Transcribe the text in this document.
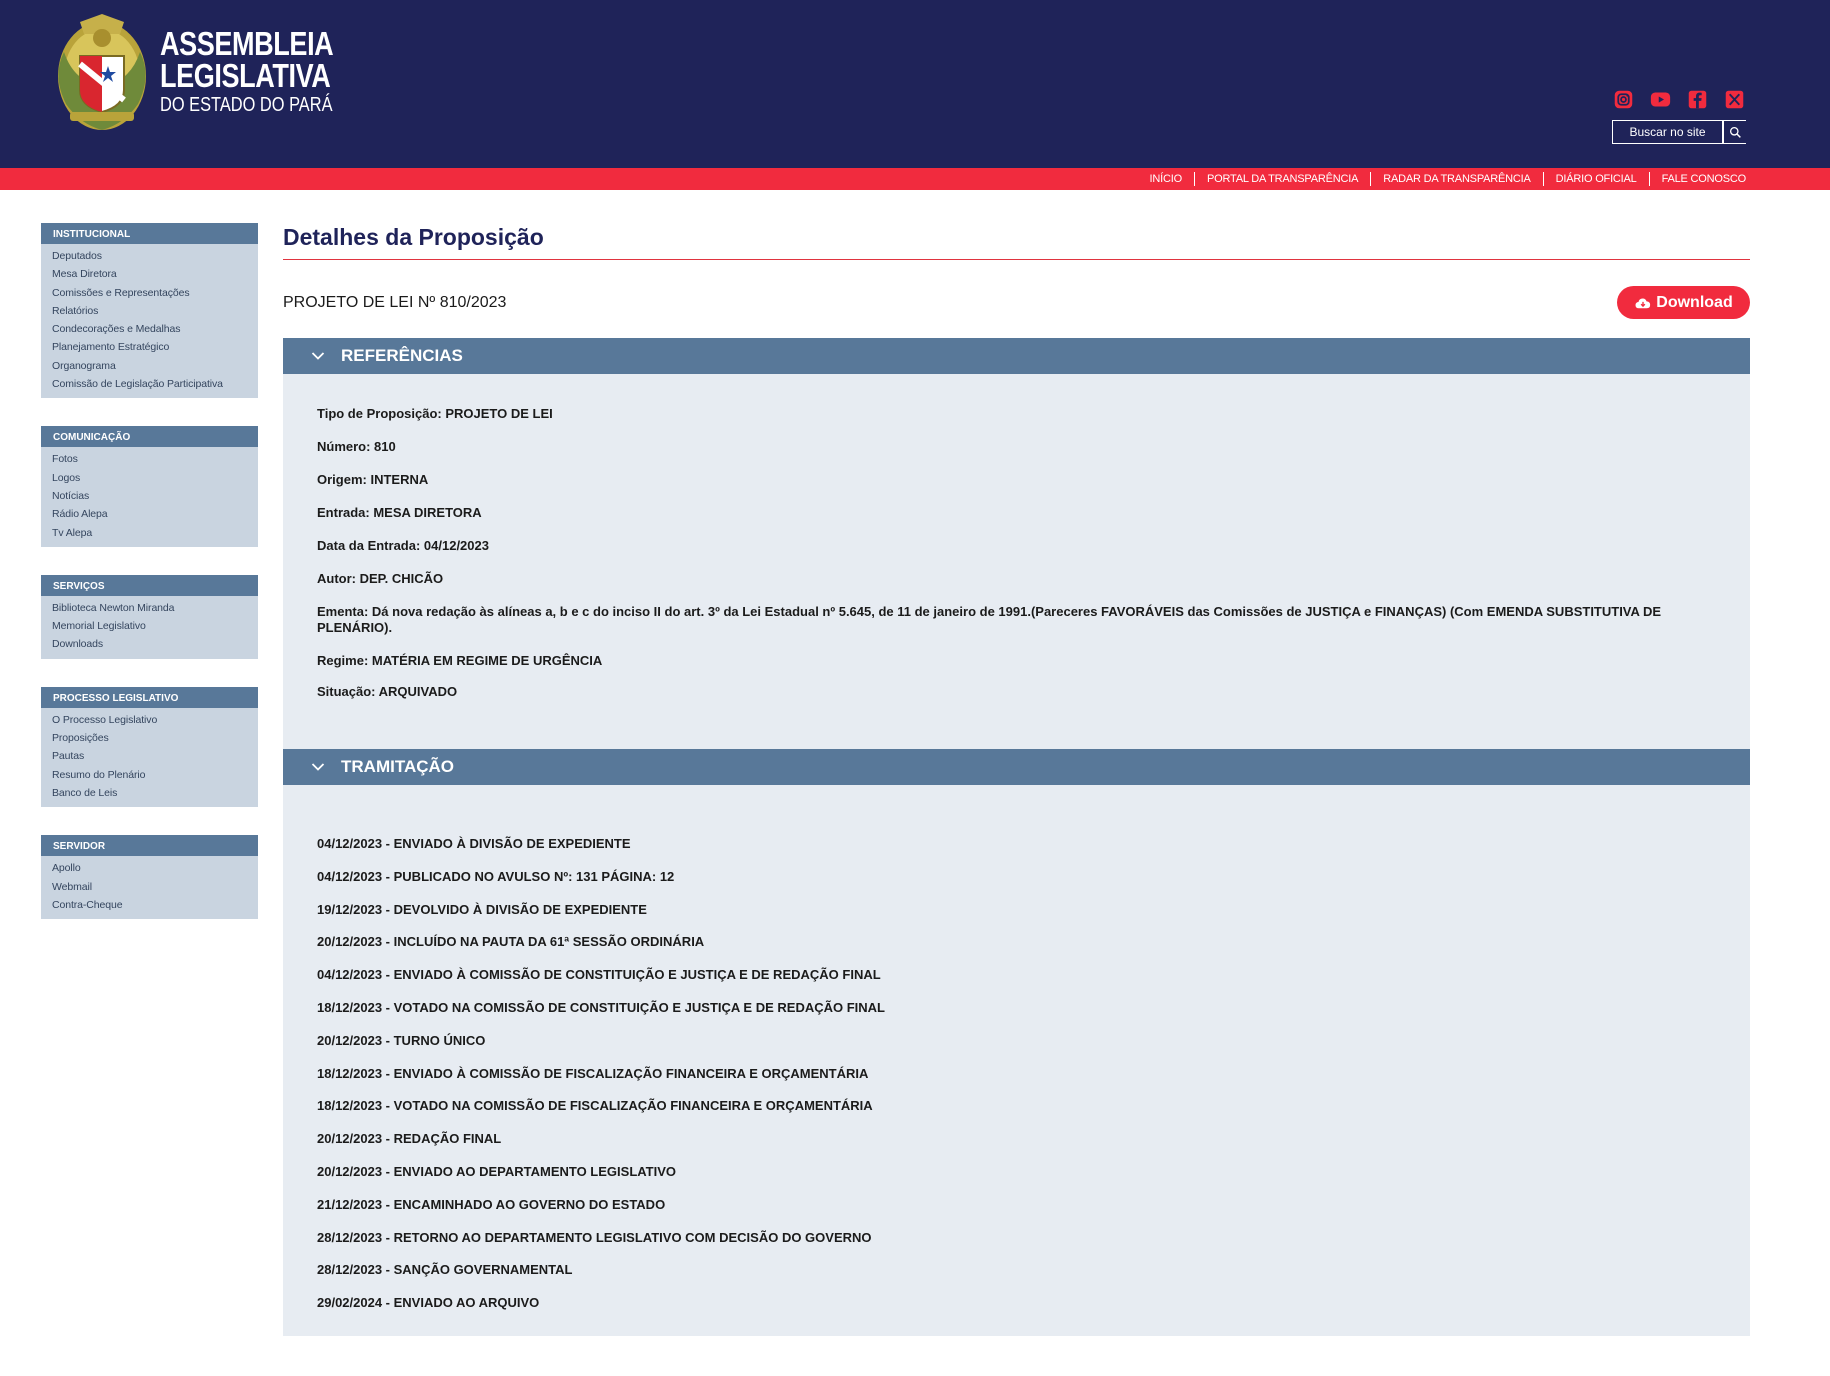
ASSEMBLEIA
LEGISLATIVA
DO ESTADO DO PARÁ
Buscar no site
INÍCIO	PORTAL DA TRANSPARÊNCIA	RADAR DA TRANSPARÊNCIA	DIÁRIO OFICIAL	FALE CONOSCO
INSTITUCIONAL
Deputados
Mesa Diretora
Comissões e Representações
Relatórios
Condecorações e Medalhas
Planejamento Estratégico
Organograma
Comissão de Legislação Participativa
COMUNICAÇÃO
Fotos
Logos
Notícias
Rádio Alepa
Tv Alepa
SERVIÇOS
Biblioteca Newton Miranda
Memorial Legislativo
Downloads
PROCESSO LEGISLATIVO
O Processo Legislativo
Proposições
Pautas
Resumo do Plenário
Banco de Leis
SERVIDOR
Apollo
Webmail
Contra-Cheque
Detalhes da Proposição
PROJETO DE LEI Nº 810/2023	Download
REFERÊNCIAS
Tipo de Proposição: PROJETO DE LEI
Número: 810
Origem: INTERNA
Entrada: MESA DIRETORA
Data da Entrada: 04/12/2023
Autor: DEP. CHICÃO
Ementa: Dá nova redação às alíneas a, b e c do inciso II do art. 3º da Lei Estadual nº 5.645, de 11 de janeiro de 1991.(Pareceres FAVORÁVEIS das Comissões de JUSTIÇA e FINANÇAS) (Com EMENDA SUBSTITUTIVA DE PLENÁRIO).
Regime: MATÉRIA EM REGIME DE URGÊNCIA
Situação: ARQUIVADO
TRAMITAÇÃO
04/12/2023 - ENVIADO À DIVISÃO DE EXPEDIENTE
04/12/2023 - PUBLICADO NO AVULSO Nº: 131 PÁGINA: 12
19/12/2023 - DEVOLVIDO À DIVISÃO DE EXPEDIENTE
20/12/2023 - INCLUÍDO NA PAUTA DA 61ª SESSÃO ORDINÁRIA
04/12/2023 - ENVIADO À COMISSÃO DE CONSTITUIÇÃO E JUSTIÇA E DE REDAÇÃO FINAL
18/12/2023 - VOTADO NA COMISSÃO DE CONSTITUIÇÃO E JUSTIÇA E DE REDAÇÃO FINAL
20/12/2023 - TURNO ÚNICO
18/12/2023 - ENVIADO À COMISSÃO DE FISCALIZAÇÃO FINANCEIRA E ORÇAMENTÁRIA
18/12/2023 - VOTADO NA COMISSÃO DE FISCALIZAÇÃO FINANCEIRA E ORÇAMENTÁRIA
20/12/2023 - REDAÇÃO FINAL
20/12/2023 - ENVIADO AO DEPARTAMENTO LEGISLATIVO
21/12/2023 - ENCAMINHADO AO GOVERNO DO ESTADO
28/12/2023 - RETORNO AO DEPARTAMENTO LEGISLATIVO COM DECISÃO DO GOVERNO
28/12/2023 - SANÇÃO GOVERNAMENTAL
29/02/2024 - ENVIADO AO ARQUIVO
